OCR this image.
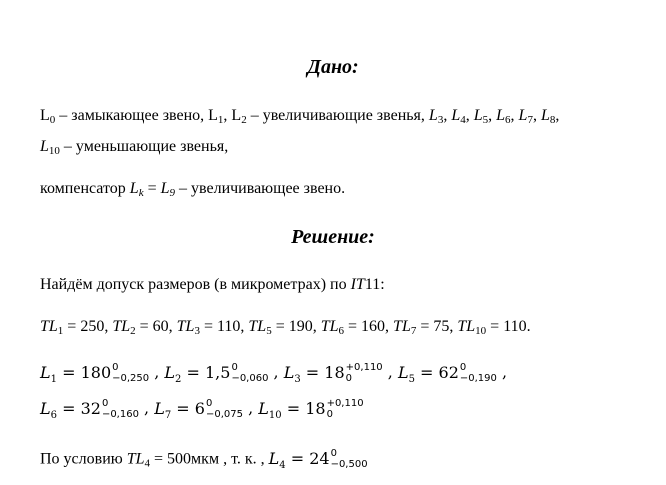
Дано:
$L_0$ – замыкающее звено, $L_1$, $L_2$ – увеличивающие звенья, $L_3$, $L_4$, $L_5$, $L_6$, $L_7$, $L_8$,
$L_{10}$ – уменьшающие звенья,
компенсатор $L_k = L_9$ – увеличивающее звено.
Решение:
Найдём допуск размеров (в микрометрах) по IT11:
$TL_1 = 250$, $TL_2 = 60$, $TL_3 = 110$, $TL_5 = 190$, $TL_6 = 160$, $TL_7 = 75$, $TL_{10} = 110$.
$L_1 = 180$ 0
−0,250 , $L_2 = 1,5$ 0
−0,060 , $L_3 = 18 +0,110$
0	, $L_5 = 62$ 0
−0,190 ,
$L_6 = 32$ 0
−0,160 , $L_7 = 6$ 0
−0,075 , $L_{10} = 18 +0,110$
0
По условию $TL_4 = 500мкм$ , т. к. , $L_4 = 24$ 0
−0,500
